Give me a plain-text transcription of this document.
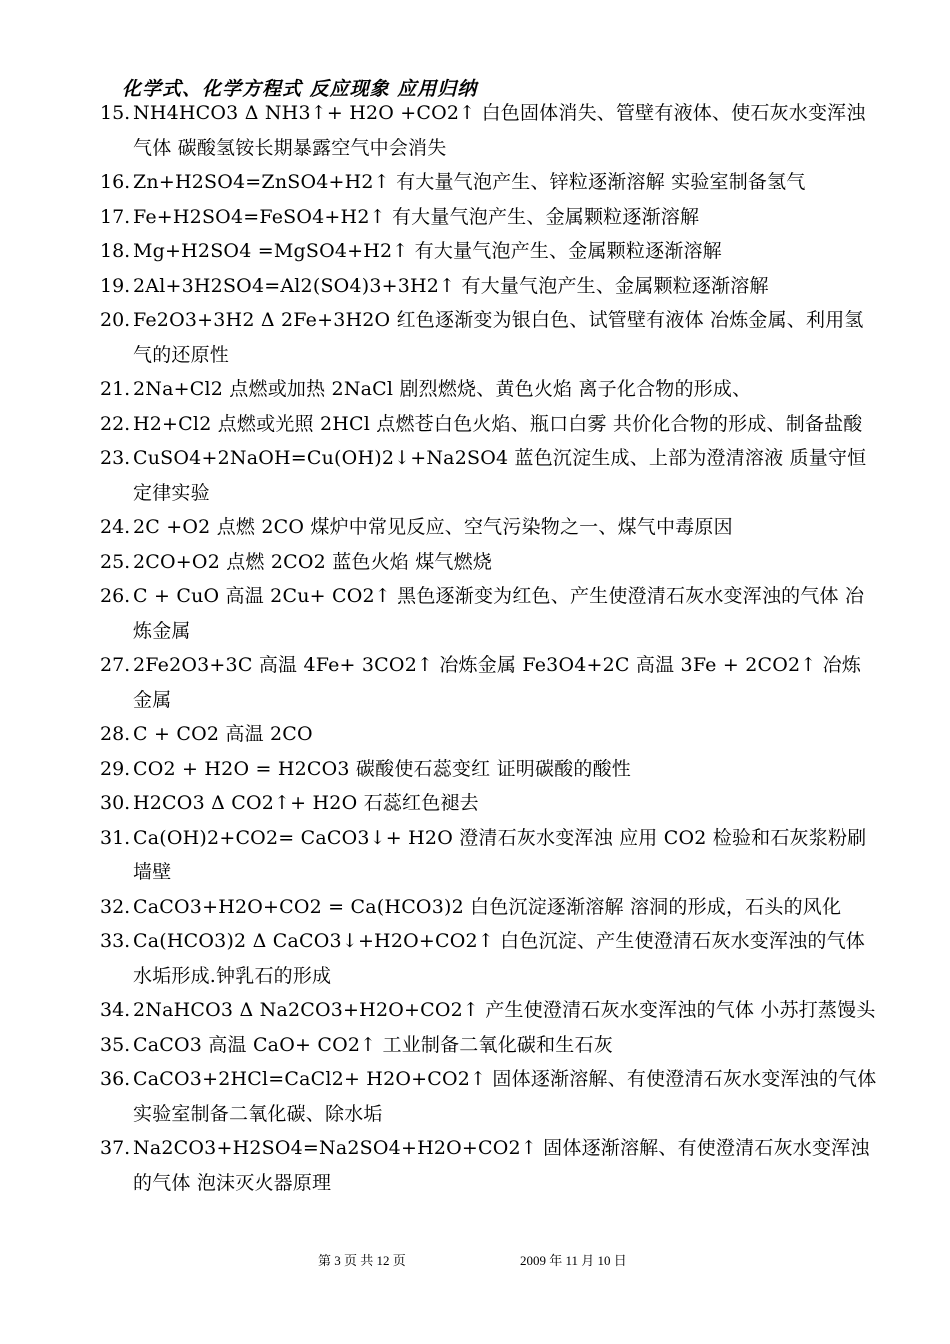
化学式、化学方程式 反应现象 应用归纳
15. NH4HCO3 Δ NH3↑+ H2O +CO2↑ 白色固体消失、管壁有液体、使石灰水变浑浊气体 碳酸氢铵长期暴露空气中会消失
16. Zn+H2SO4=ZnSO4+H2↑ 有大量气泡产生、锌粒逐渐溶解 实验室制备氢气
17. Fe+H2SO4=FeSO4+H2↑ 有大量气泡产生、金属颗粒逐渐溶解
18. Mg+H2SO4 =MgSO4+H2↑ 有大量气泡产生、金属颗粒逐渐溶解
19. 2Al+3H2SO4=Al2(SO4)3+3H2↑ 有大量气泡产生、金属颗粒逐渐溶解
20. Fe2O3+3H2 Δ 2Fe+3H2O 红色逐渐变为银白色、试管壁有液体 冶炼金属、利用氢气的还原性
21. 2Na+Cl2 点燃或加热 2NaCl 剧烈燃烧、黄色火焰 离子化合物的形成、
22. H2+Cl2 点燃或光照 2HCl 点燃苍白色火焰、瓶口白雾 共价化合物的形成、制备盐酸
23. CuSO4+2NaOH=Cu(OH)2↓+Na2SO4 蓝色沉淀生成、上部为澄清溶液 质量守恒定律实验
24. 2C +O2 点燃 2CO 煤炉中常见反应、空气污染物之一、煤气中毒原因
25. 2CO+O2 点燃 2CO2 蓝色火焰 煤气燃烧
26. C + CuO 高温 2Cu+ CO2↑ 黑色逐渐变为红色、产生使澄清石灰水变浑浊的气体 冶炼金属
27. 2Fe2O3+3C 高温 4Fe+ 3CO2↑ 冶炼金属 Fe3O4+2C 高温 3Fe + 2CO2↑ 冶炼金属
28. C + CO2 高温 2CO
29. CO2 + H2O = H2CO3 碳酸使石蕊变红 证明碳酸的酸性
30. H2CO3 Δ CO2↑+ H2O 石蕊红色褪去
31. Ca(OH)2+CO2= CaCO3↓+ H2O 澄清石灰水变浑浊 应用 CO2 检验和石灰浆粉刷墙壁
32. CaCO3+H2O+CO2 = Ca(HCO3)2 白色沉淀逐渐溶解 溶洞的形成，石头的风化
33. Ca(HCO3)2 Δ CaCO3↓+H2O+CO2↑ 白色沉淀、产生使澄清石灰水变浑浊的气体 水垢形成.钟乳石的形成
34. 2NaHCO3 Δ Na2CO3+H2O+CO2↑ 产生使澄清石灰水变浑浊的气体 小苏打蒸馒头
35. CaCO3 高温 CaO+ CO2↑ 工业制备二氧化碳和生石灰
36. CaCO3+2HCl=CaCl2+ H2O+CO2↑ 固体逐渐溶解、有使澄清石灰水变浑浊的气体 实验室制备二氧化碳、除水垢
37. Na2CO3+H2SO4=Na2SO4+H2O+CO2↑ 固体逐渐溶解、有使澄清石灰水变浑浊的气体 泡沫灭火器原理
第 3 页 共 12 页	2009 年 11 月 10 日
